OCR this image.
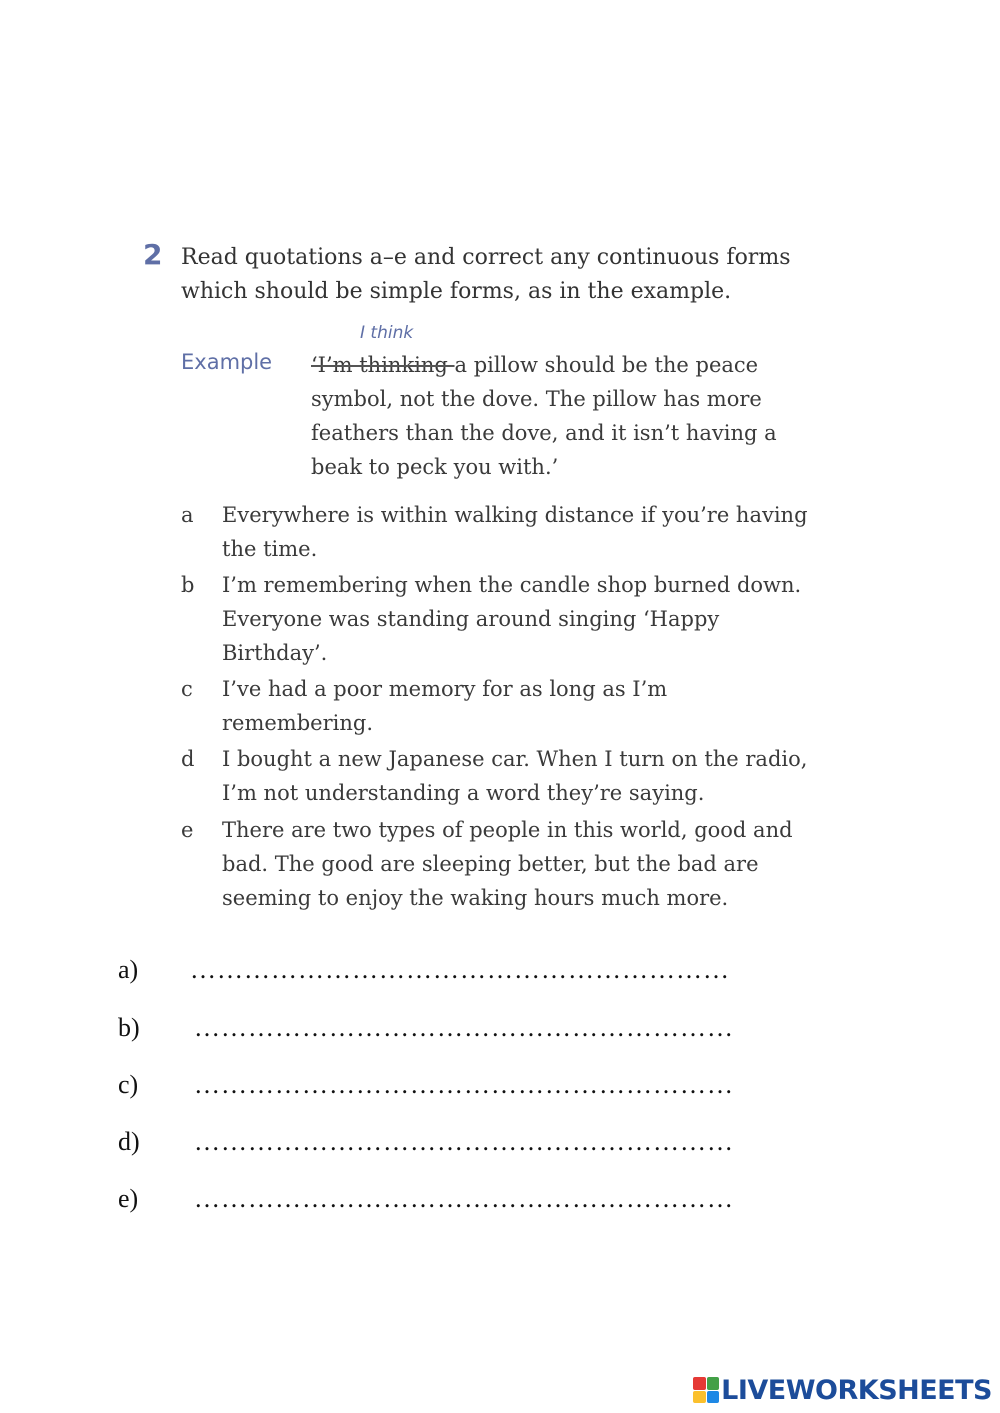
2 Read quotations a–e and correct any continuous forms which should be simple forms, as in the example.
Example
I think
‘I’m thinking a pillow should be the peace symbol, not the dove. The pillow has more feathers than the dove, and it isn’t having a beak to peck you with.’
a	Everywhere is within walking distance if you’re having the time.
b	I’m remembering when the candle shop burned down. Everyone was standing around singing ‘Happy Birthday’.
c	I’ve had a poor memory for as long as I’m remembering.
d	I bought a new Japanese car. When I turn on the radio, I’m not understanding a word they’re saying.
e	There are two types of people in this world, good and bad. The good are sleeping better, but the bad are seeming to enjoy the waking hours much more.
a) ……………………………………………………
b) ……………………………………………………
c) ……………………………………………………
d) ……………………………………………………
e) ……………………………………………………
LIVEWORKSHEETS
